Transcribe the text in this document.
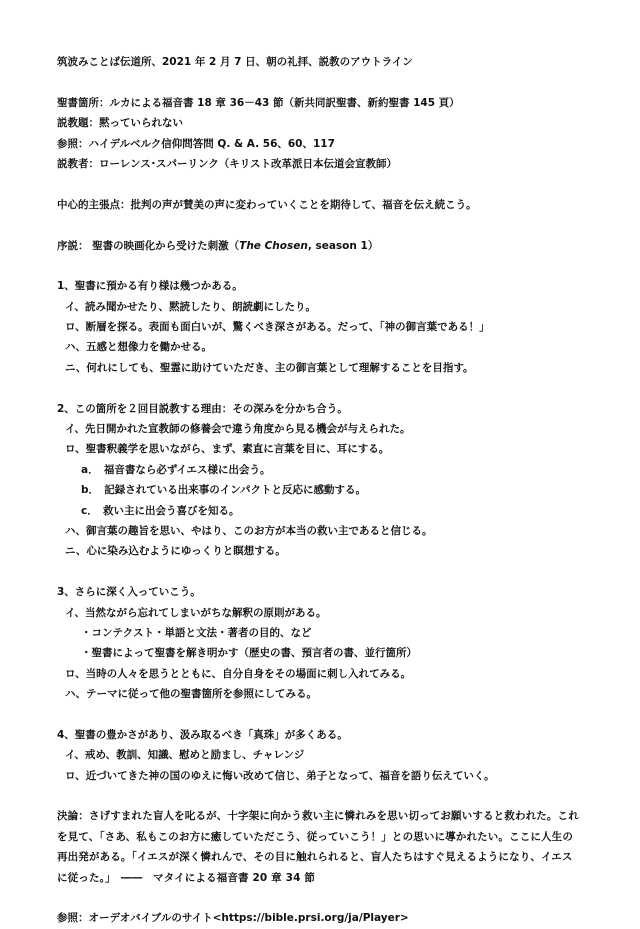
筑波みことば伝道所、2021 年 2 月 7 日、朝の礼拝、説教のアウトライン
聖書箇所：ルカによる福音書 18 章 36－43 節（新共同訳聖書、新約聖書 145 頁）
説教題：黙っていられない
参照：ハイデルベルク信仰問答問 Q. & A. 56、60、117
説教者：ローレンス･スパーリンク（キリスト改革派日本伝道会宣教師）
中心的主張点：批判の声が賛美の声に変わっていくことを期待して、福音を伝え続こう。
序説： 聖書の映画化から受けた刺激（The Chosen, season 1）
1、聖書に預かる有り様は幾つかある。
イ、読み聞かせたり、黙読したり、朗読劇にしたり。
ロ、断層を探る。表面も面白いが、驚くべき深さがある。だって、「神の御言葉である！」
ハ、五感と想像力を働かせる。
ニ、何れにしても、聖霊に助けていただき、主の御言葉として理解することを目指す。
2、この箇所を２回目説教する理由：その深みを分かち合う。
イ、先日開かれた宣教師の修養会で違う角度から見る機会が与えられた。
ロ、聖書釈義学を思いながら、まず、素直に言葉を目に、耳にする。
a．　福音書なら必ずイエス様に出会う。
b．　記録されている出来事のインパクトと反応に感動する。
c．　救い主に出会う喜びを知る。
ハ、御言葉の趣旨を思い、やはり、このお方が本当の救い主であると信じる。
ニ、心に染み込むようにゆっくりと瞑想する。
3、さらに深く入っていこう。
イ、当然ながら忘れてしまいがちな解釈の原則がある。
・コンテクスト・単語と文法・著者の目的、など
・聖書によって聖書を解き明かす（歴史の書、預言者の書、並行箇所）
ロ、当時の人々を思うとともに、自分自身をその場面に刺し入れてみる。
ハ、テーマに従って他の聖書箇所を参照にしてみる。
4、聖書の豊かさがあり、汲み取るべき「真珠」が多くある。
イ、戒め、教訓、知識、慰めと励まし、チャレンジ
ロ、近づいてきた神の国のゆえに悔い改めて信じ、弟子となって、福音を語り伝えていく。
決論：さげすまれた盲人を叱るが、十字架に向かう救い主に憐れみを思い切ってお願いすると救われた。これを見て、「さあ、私もこのお方に癒していただこう、従っていこう！」との思いに導かれたい。ここに人生の再出発がある。「イエスが深く憐れんで、その目に触れられると、盲人たちはすぐ見えるようになり、イエスに従った。」　――　マタイによる福音書 20 章 34 節
参照：オーデオバイブルのサイト<https://bible.prsi.org/ja/Player>
